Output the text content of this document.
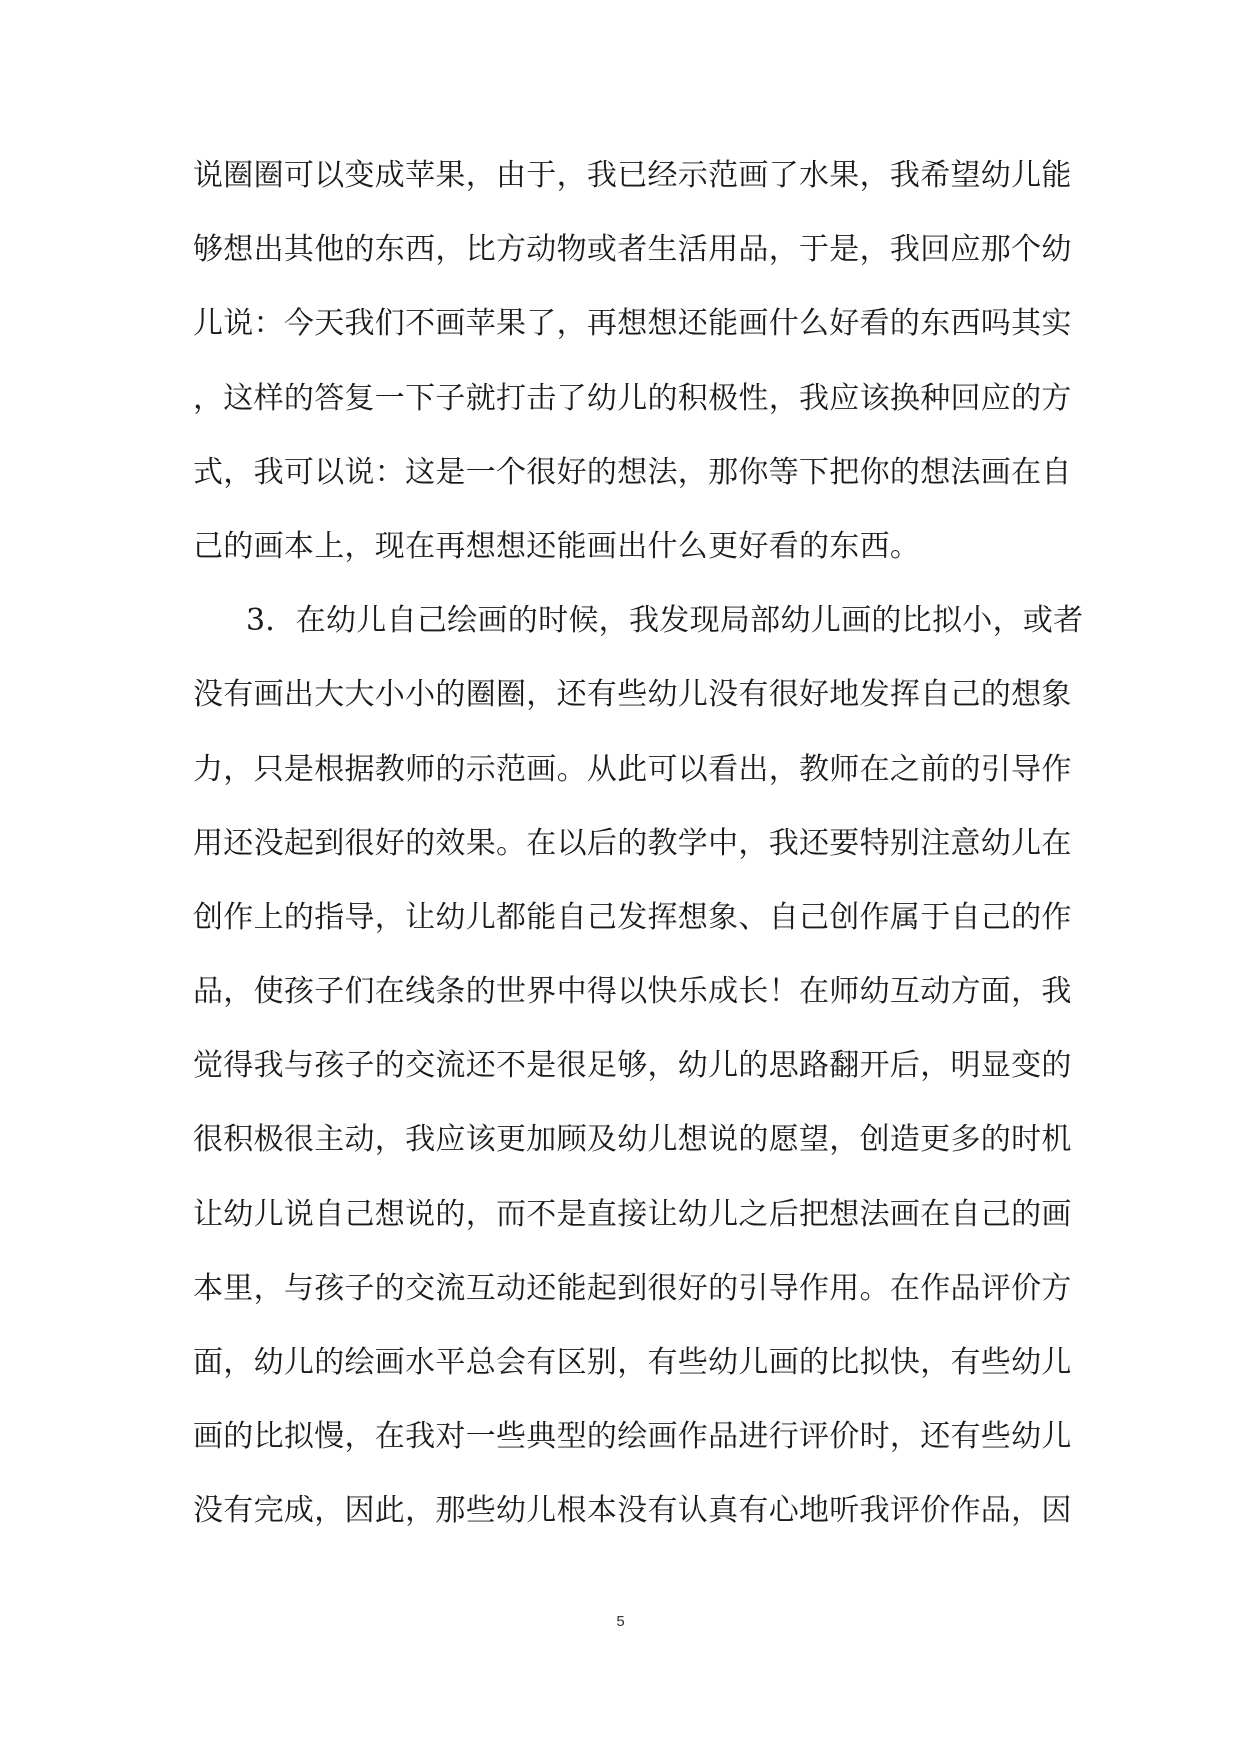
说圈圈可以变成苹果，由于，我已经示范画了水果，我希望幼儿能
够想出其他的东西，比方动物或者生活用品，于是，我回应那个幼
儿说：今天我们不画苹果了，再想想还能画什么好看的东西吗其实
，这样的答复一下子就打击了幼儿的积极性，我应该换种回应的方
式，我可以说：这是一个很好的想法，那你等下把你的想法画在自
己的画本上，现在再想想还能画出什么更好看的东西。
3．在幼儿自己绘画的时候，我发现局部幼儿画的比拟小，或者
没有画出大大小小的圈圈，还有些幼儿没有很好地发挥自己的想象
力，只是根据教师的示范画。从此可以看出，教师在之前的引导作
用还没起到很好的效果。在以后的教学中，我还要特别注意幼儿在
创作上的指导，让幼儿都能自己发挥想象、自己创作属于自己的作
品，使孩子们在线条的世界中得以快乐成长！在师幼互动方面，我
觉得我与孩子的交流还不是很足够，幼儿的思路翻开后，明显变的
很积极很主动，我应该更加顾及幼儿想说的愿望，创造更多的时机
让幼儿说自己想说的，而不是直接让幼儿之后把想法画在自己的画
本里，与孩子的交流互动还能起到很好的引导作用。在作品评价方
面，幼儿的绘画水平总会有区别，有些幼儿画的比拟快，有些幼儿
画的比拟慢，在我对一些典型的绘画作品进行评价时，还有些幼儿
没有完成，因此，那些幼儿根本没有认真有心地听我评价作品，因
5
